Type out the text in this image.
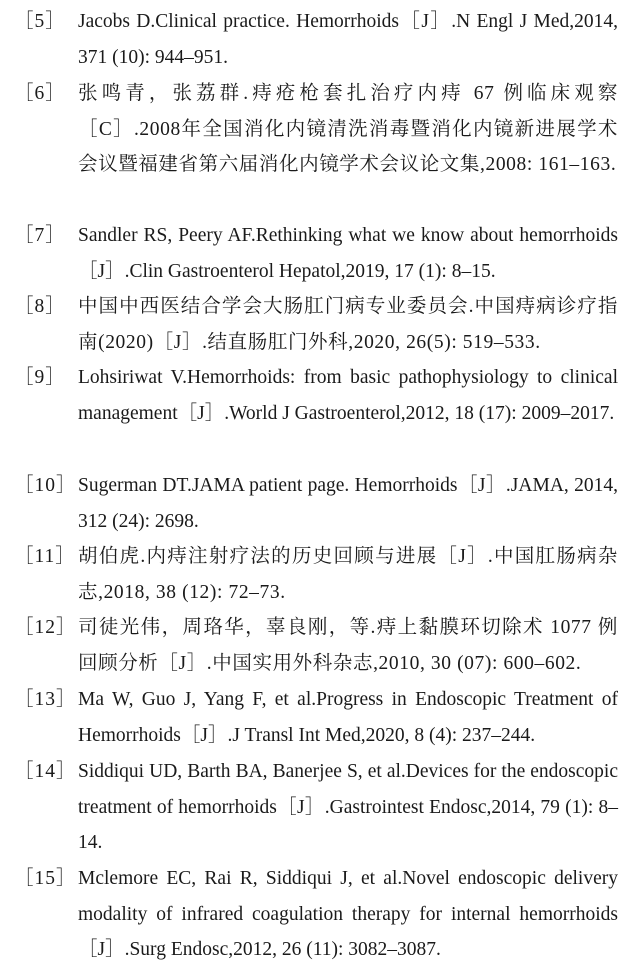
［5］ Jacobs D.Clinical practice. Hemorrhoids［J］.N Engl J Med,2014, 371 (10): 944–951.
［6］ 张鸣青，张荔群.痔疮枪套扎治疗内痔 67 例临床观察［C］.2008年全国消化内镜清洗消毒暨消化内镜新进展学术会议暨福建省第六届消化内镜学术会议论文集,2008: 161–163.
［7］ Sandler RS, Peery AF.Rethinking what we know about hemorrhoids［J］.Clin Gastroenterol Hepatol,2019, 17 (1): 8–15.
［8］ 中国中西医结合学会大肠肛门病专业委员会.中国痔病诊疗指南(2020)［J］.结直肠肛门外科,2020, 26(5): 519–533.
［9］ Lohsiriwat V.Hemorrhoids: from basic pathophysiology to clinical management［J］.World J Gastroenterol,2012, 18 (17): 2009–2017.
［10］ Sugerman DT.JAMA patient page. Hemorrhoids［J］.JAMA, 2014, 312 (24): 2698.
［11］ 胡伯虎.内痔注射疗法的历史回顾与进展［J］.中国肛肠病杂志,2018, 38 (12): 72–73.
［12］ 司徒光伟，周珞华，辜良刚，等.痔上黏膜环切除术 1077 例回顾分析［J］.中国实用外科杂志,2010, 30 (07): 600–602.
［13］ Ma W, Guo J, Yang F, et al.Progress in Endoscopic Treatment of Hemorrhoids［J］.J Transl Int Med,2020, 8 (4): 237–244.
［14］ Siddiqui UD, Barth BA, Banerjee S, et al.Devices for the endoscopic treatment of hemorrhoids［J］.Gastrointest Endosc,2014, 79 (1): 8–14.
［15］ Mclemore EC, Rai R, Siddiqui J, et al.Novel endoscopic delivery modality of infrared coagulation therapy for internal hemorrhoids［J］.Surg Endosc,2012, 26 (11): 3082–3087.
